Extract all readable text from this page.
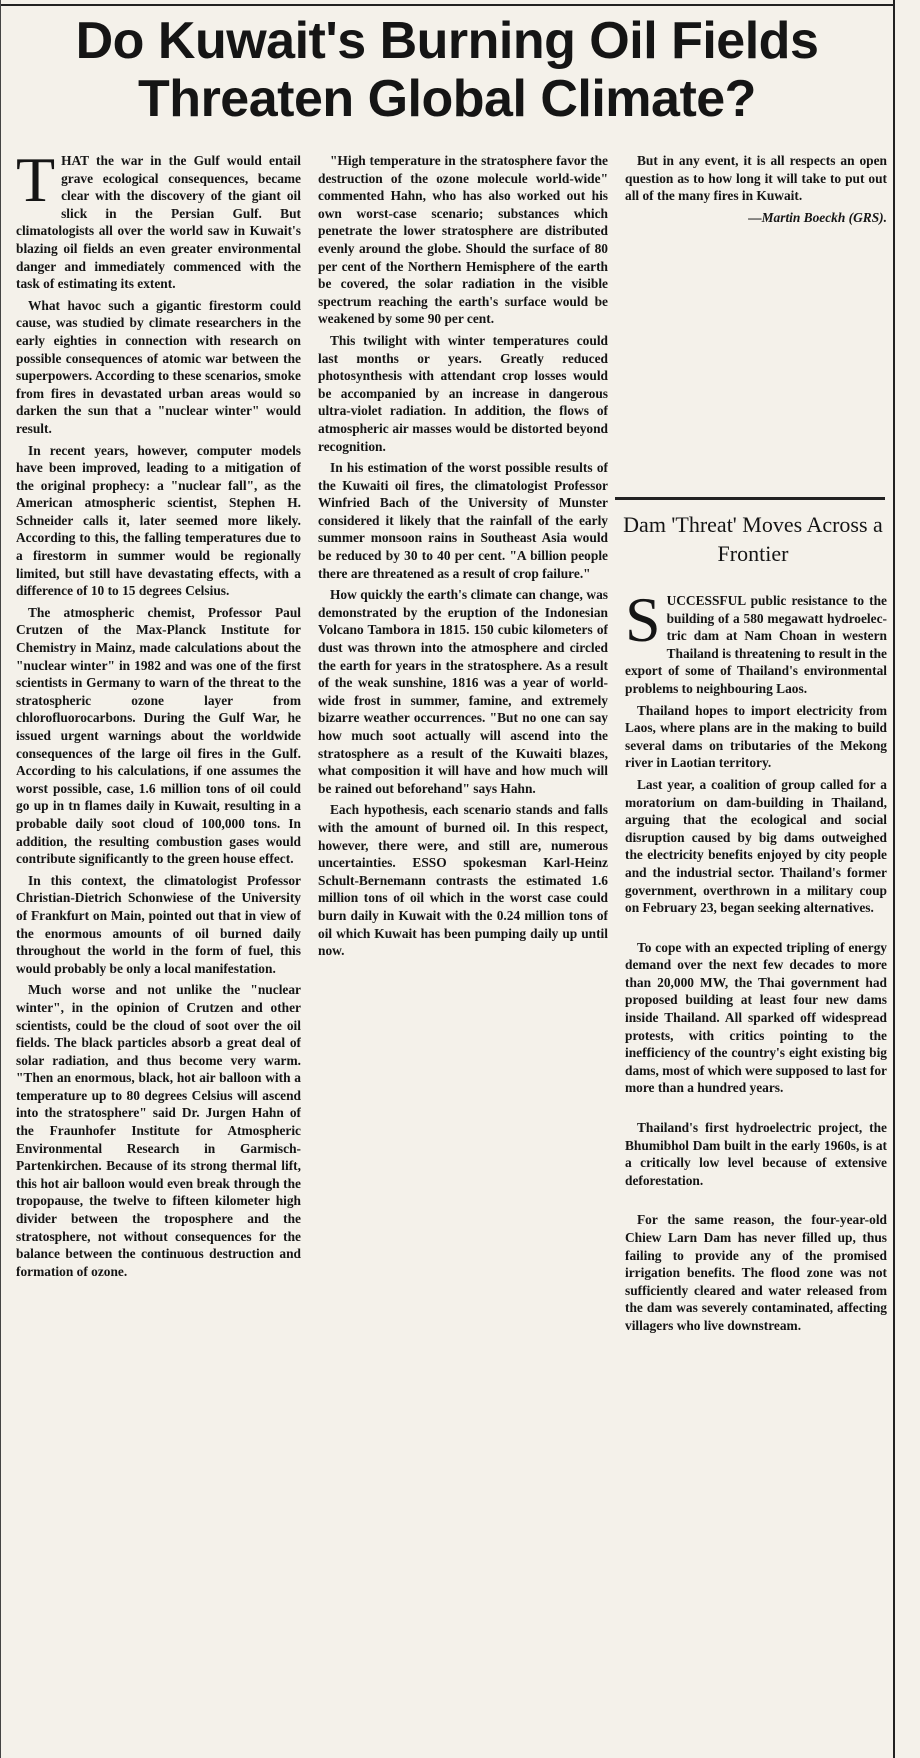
Do Kuwait's Burning Oil Fields Threaten Global Climate?

THAT the war in the Gulf would entail grave ecological consequences, became clear with the discovery of the giant oil slick in the Persian Gulf. But climatologists all over the world saw in Kuwait's blazing oil fields an even greater environmental danger and immediately commenced with the task of estimating its extent.

What havoc such a gigantic firestorm could cause, was studied by climate researchers in the early eighties in connection with research on possible consequences of atomic war between the superpowers. According to these scenarios, smoke from fires in devastated urban areas would so darken the sun that a "nuclear winter" would result.

In recent years, however, computer models have been improved, leading to a mitigation of the original prophecy: a "nuclear fall", as the American atmospheric scientist, Stephen H. Schneider calls it, later seemed more likely. According to this, the falling temperatures due to a firestorm in summer would be regionally limited, but still have devastating effects, with a difference of 10 to 15 degrees Celsius.

The atmospheric chemist, Professor Paul Crutzen of the Max-Planck Institute for Chemistry in Mainz, made calculations about the "nuclear winter" in 1982 and was one of the first scientists in Germany to warn of the threat to the stratospheric ozone layer from chlorofluorocarbons. During the Gulf War, he issued urgent warnings about the worldwide consequences of the large oil fires in the Gulf. According to his calculations, if one assumes the worst possible, case, 1.6 million tons of oil could go up in tn flames daily in Kuwait, resulting in a probable daily soot cloud of 100,000 tons. In addition, the resulting combustion gases would contribute significantly to the green house effect.

In this context, the climatologist Professor Christian-Dietrich Schonwiese of the University of Frankfurt on Main, pointed out that in view of the enormous amounts of oil burned daily throughout the world in the form of fuel, this would probably be only a local manifestation.

Much worse and not unlike the "nuclear winter", in the opinion of Crutzen and other scientists, could be the cloud of soot over the oil fields. The black particles absorb a great deal of solar radiation, and thus become very warm. "Then an enormous, black, hot air balloon with a temperature up to 80 degrees Celsius will ascend into the stratosphere" said Dr. Jurgen Hahn of the Fraunhofer Institute for Atmospheric Environmental Research in Garmisch-Partenkirchen. Because of its strong thermal lift, this hot air balloon would even break through the tropopause, the twelve to fifteen kilometer high divider between the troposphere and the stratosphere, not without consequences for the balance between the continuous destruction and formation of ozone.

"High temperature in the stratosphere favor the destruction of the ozone molecule world-wide" commented Hahn, who has also worked out his own worst-case scenario; substances which penetrate the lower stratosphere are distributed evenly around the globe. Should the surface of 80 per cent of the Northern Hemisphere of the earth be covered, the solar radiation in the visible spectrum reaching the earth's surface would be weakened by some 90 per cent.

This twilight with winter temperatures could last months or years. Greatly reduced photosynthesis with attendant crop losses would be accompanied by an increase in dangerous ultra-violet radiation. In addition, the flows of atmospheric air masses would be distorted beyond recognition.

In his estimation of the worst possible results of the Kuwaiti oil fires, the climatologist Professor Winfried Bach of the University of Munster considered it likely that the rainfall of the early summer monsoon rains in Southeast Asia would be reduced by 30 to 40 per cent. "A billion people there are threatened as a result of crop failure."

How quickly the earth's climate can change, was demonstrated by the eruption of the Indonesian Volcano Tambora in 1815. 150 cubic kilometers of dust was thrown into the atmosphere and circled the earth for years in the stratosphere. As a result of the weak sunshine, 1816 was a year of world-wide frost in summer, famine, and extremely bizarre weather occurrences. "But no one can say how much soot actually will ascend into the stratosphere as a result of the Kuwaiti blazes, what composition it will have and how much will be rained out beforehand" says Hahn.

Each hypothesis, each scenario stands and falls with the amount of burned oil. In this respect, however, there were, and still are, numerous uncertainties. ESSO spokesman Karl-Heinz Schult-Bernemann contrasts the estimated 1.6 million tons of oil which in the worst case could burn daily in Kuwait with the 0.24 million tons of oil which Kuwait has been pumping daily up until now.

But in any event, it is all respects an open question as to how long it will take to put out all of the many fires in Kuwait.

—Martin Boeckh (GRS).

Dam 'Threat' Moves Across a Frontier

SUCCESSFUL public resistance to the building of a 580 megawatt hydroelec-tric dam at Nam Choan in western Thailand is threatening to result in the export of some of Thailand's environmental problems to neighbouring Laos.

Thailand hopes to import electricity from Laos, where plans are in the making to build several dams on tributaries of the Mekong river in Laotian territory.

Last year, a coalition of group called for a moratorium on dam-building in Thailand, arguing that the ecological and social disruption caused by big dams outweighed the electricity benefits enjoyed by city people and the industrial sector. Thailand's former government, overthrown in a military coup on February 23, began seeking alternatives.

To cope with an expected tripling of energy demand over the next few decades to more than 20,000 MW, the Thai government had proposed building at least four new dams inside Thailand. All sparked off widespread protests, with critics pointing to the inefficiency of the country's eight existing big dams, most of which were supposed to last for more than a hundred years.

Thailand's first hydroelectric project, the Bhumibhol Dam built in the early 1960s, is at a critically low level because of extensive deforestation.

For the same reason, the four-year-old Chiew Larn Dam has never filled up, thus failing to provide any of the promised irrigation benefits. The flood zone was not sufficiently cleared and water released from the dam was severely contaminated, affecting villagers who live downstream.
